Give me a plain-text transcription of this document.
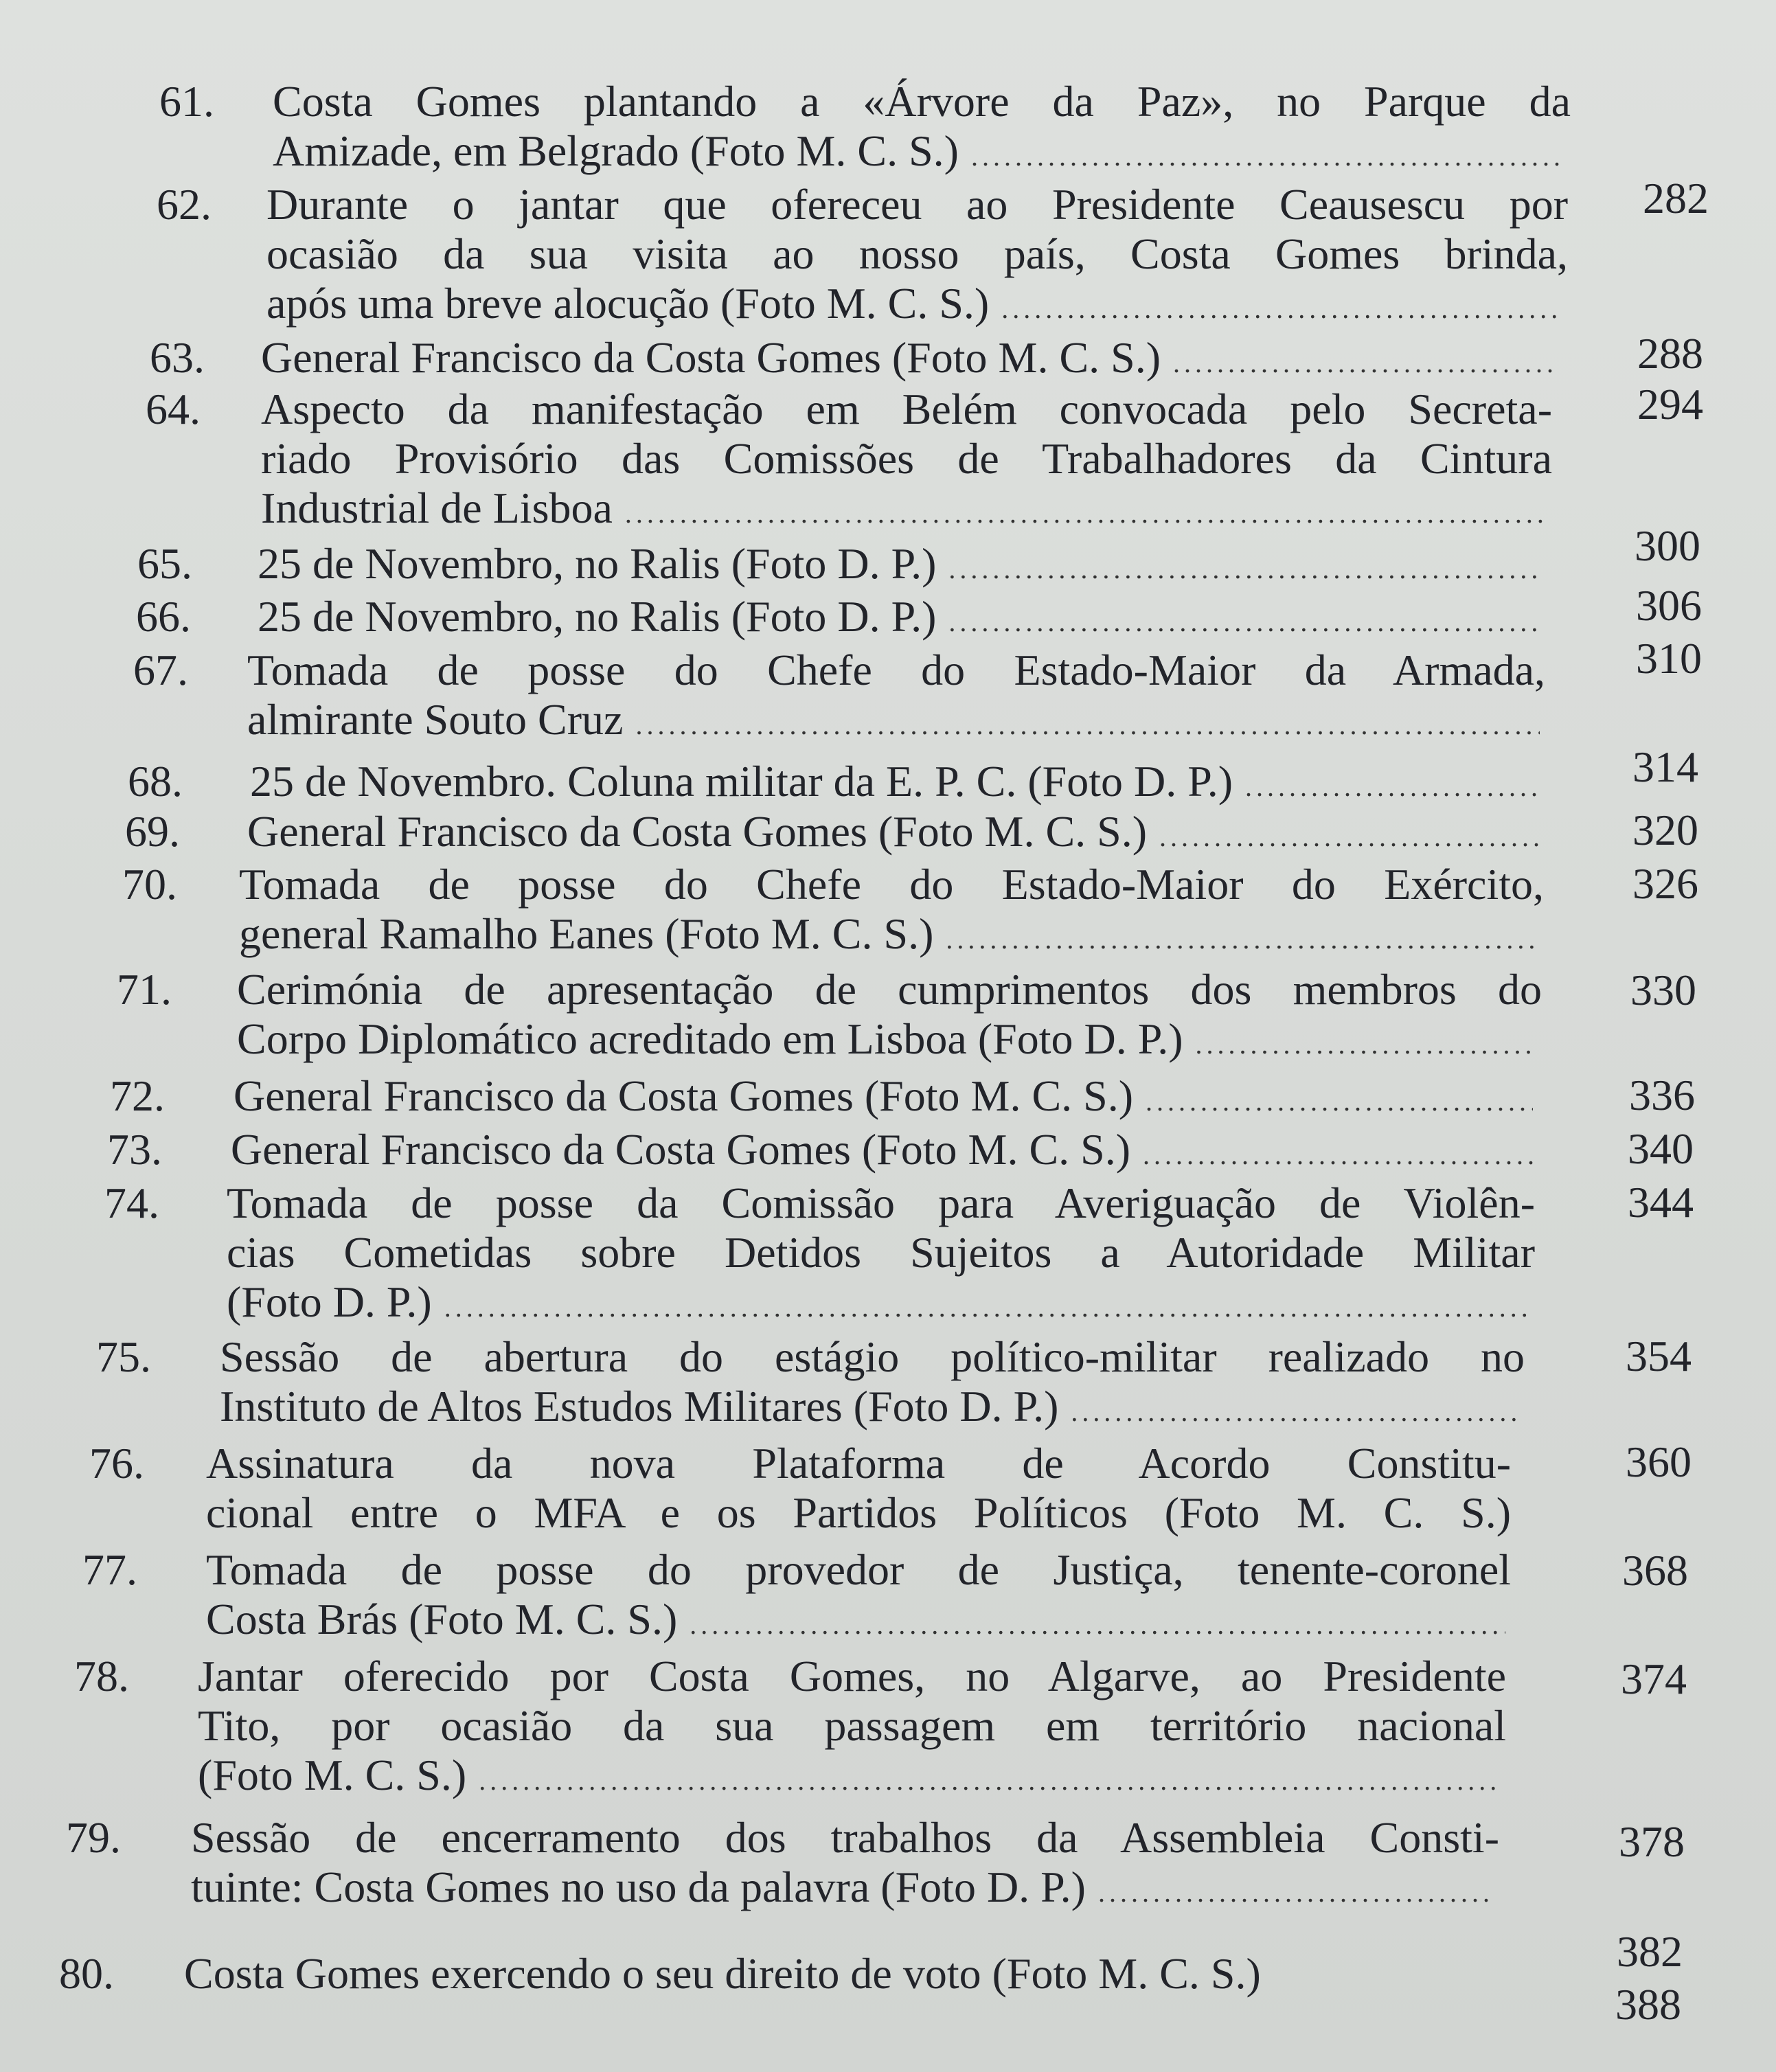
61.	Costa Gomes plantando a «Árvore da Paz», no Parque da
Amizade, em Belgrado (Foto M. C. S.)
.....
282
62.	Durante o jantar que ofereceu ao Presidente Ceausescu por
ocasião da sua visita ao nosso país, Costa Gomes brinda,
após uma breve alocução (Foto M. C. S.)
.....
288
63.	General Francisco da Costa Gomes (Foto M. C. S.)
.....
294
64.	Aspecto da manifestação em Belém convocada pelo Secreta-
riado Provisório das Comissões de Trabalhadores da Cintura
Industrial de Lisboa
.....
300
65.	25 de Novembro, no Ralis (Foto D. P.)
.....
306
66.	25 de Novembro, no Ralis (Foto D. P.)
.....
310
67.	Tomada de posse do Chefe do Estado-Maior da Armada,
almirante Souto Cruz
.....
314
68.	25 de Novembro. Coluna militar da E. P. C. (Foto D. P.)
.....
320
69.	General Francisco da Costa Gomes (Foto M. C. S.)
.....
326
70.	Tomada de posse do Chefe do Estado-Maior do Exército,
general Ramalho Eanes (Foto M. C. S.)
.....
330
71.	Cerimónia de apresentação de cumprimentos dos membros do
Corpo Diplomático acreditado em Lisboa (Foto D. P.)
.....
336
72.	General Francisco da Costa Gomes (Foto M. C. S.)
.....
340
73.	General Francisco da Costa Gomes (Foto M. C. S.)
.....
344
74.	Tomada de posse da Comissão para Averiguação de Violên-
cias Cometidas sobre Detidos Sujeitos a Autoridade Militar
(Foto D. P.)
.....
354
75.	Sessão de abertura do estágio político-militar realizado no
Instituto de Altos Estudos Militares (Foto D. P.)
.....
360
76.	Assinatura da nova Plataforma de Acordo Constitu-
cional entre o MFA e os Partidos Políticos (Foto M. C. S.)
368
77.	Tomada de posse do provedor de Justiça, tenente-coronel
Costa Brás (Foto M. C. S.)
.....
374
78.	Jantar oferecido por Costa Gomes, no Algarve, ao Presidente
Tito, por ocasião da sua passagem em território nacional
(Foto M. C. S.)
.....
378
79.	Sessão de encerramento dos trabalhos da Assembleia Consti-
tuinte: Costa Gomes no uso da palavra (Foto D. P.)
.....
382
80.	Costa Gomes exercendo o seu direito de voto (Foto M. C. S.)
388
